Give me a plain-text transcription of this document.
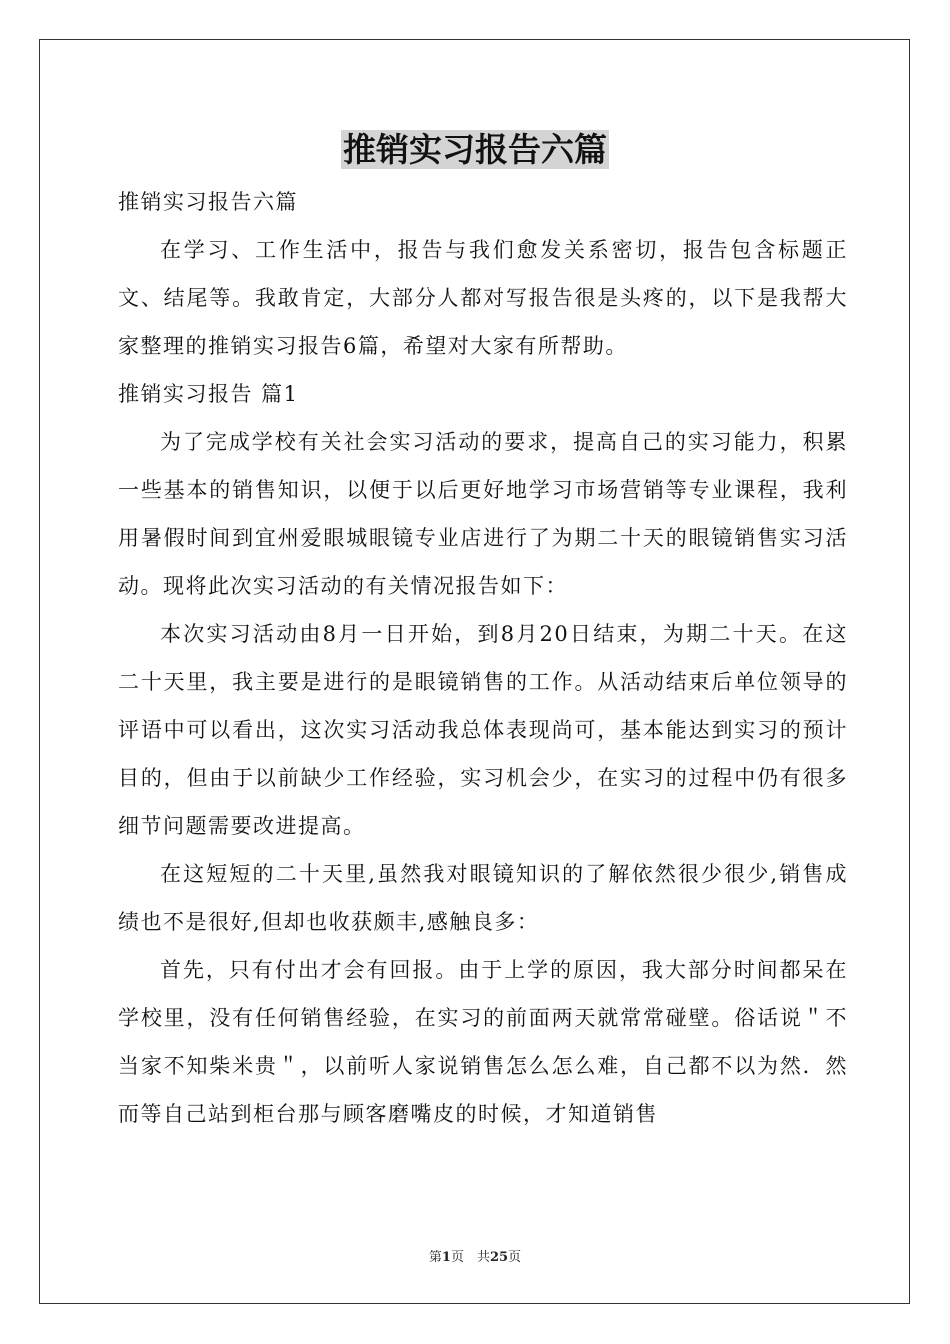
推销实习报告六篇

推销实习报告六篇

在学习、工作生活中，报告与我们愈发关系密切，报告包含标题正文、结尾等。我敢肯定，大部分人都对写报告很是头疼的，以下是我帮大家整理的推销实习报告6篇，希望对大家有所帮助。

推销实习报告 篇1

为了完成学校有关社会实习活动的要求，提高自己的实习能力，积累一些基本的销售知识，以便于以后更好地学习市场营销等专业课程，我利用暑假时间到宜州爱眼城眼镜专业店进行了为期二十天的眼镜销售实习活动。现将此次实习活动的有关情况报告如下：

本次实习活动由8月一日开始，到8月20日结束，为期二十天。在这二十天里，我主要是进行的是眼镜销售的工作。从活动结束后单位领导的评语中可以看出，这次实习活动我总体表现尚可，基本能达到实习的预计目的，但由于以前缺少工作经验，实习机会少，在实习的过程中仍有很多细节问题需要改进提高。

在这短短的二十天里,虽然我对眼镜知识的了解依然很少很少,销售成绩也不是很好,但却也收获颇丰,感触良多：

首先，只有付出才会有回报。由于上学的原因，我大部分时间都呆在学校里，没有任何销售经验，在实习的前面两天就常常碰壁。俗话说＂不当家不知柴米贵＂，以前听人家说销售怎么怎么难，自己都不以为然．然而等自己站到柜台那与顾客磨嘴皮的时候，才知道销售

第1页　共25页
